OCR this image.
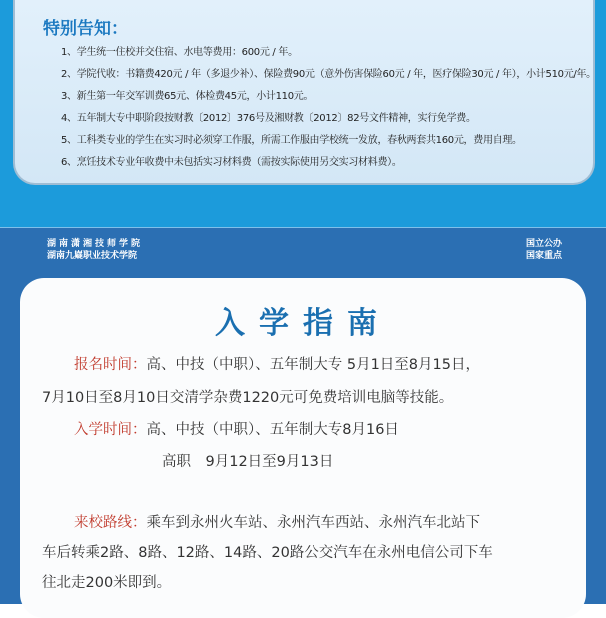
特别告知：
1、学生统一住校并交住宿、水电等费用：600元 / 年。
2、学院代收：书籍费420元 / 年（多退少补）、保险费90元（意外伤害保险60元 / 年，医疗保险30元 / 年），小计510元/年。
3、新生第一年交军训费65元、体检费45元，小计110元。
4、五年制大专中职阶段按财教〔2012〕376号及湘财教〔2012〕82号文件精神，实行免学费。
5、工科类专业的学生在实习时必须穿工作服，所需工作服由学校统一发放，春秋两套共160元，费用自理。
6、烹饪技术专业年收费中未包括实习材料费（需按实际使用另交实习材料费）。
湖南潇湘技师学院
湖南九嶷职业技术学院
国立公办
国家重点
入学指南
报名时间：高、中技（中职）、五年制大专 5月1日至8月15日，
7月10日至8月10日交清学杂费1220元可免费培训电脑等技能。
入学时间：高、中技（中职）、五年制大专8月16日
高职　9月12日至9月13日
来校路线：乘车到永州火车站、永州汽车西站、永州汽车北站下
车后转乘2路、8路、12路、14路、20路公交汽车在永州电信公司下车
往北走200米即到。
